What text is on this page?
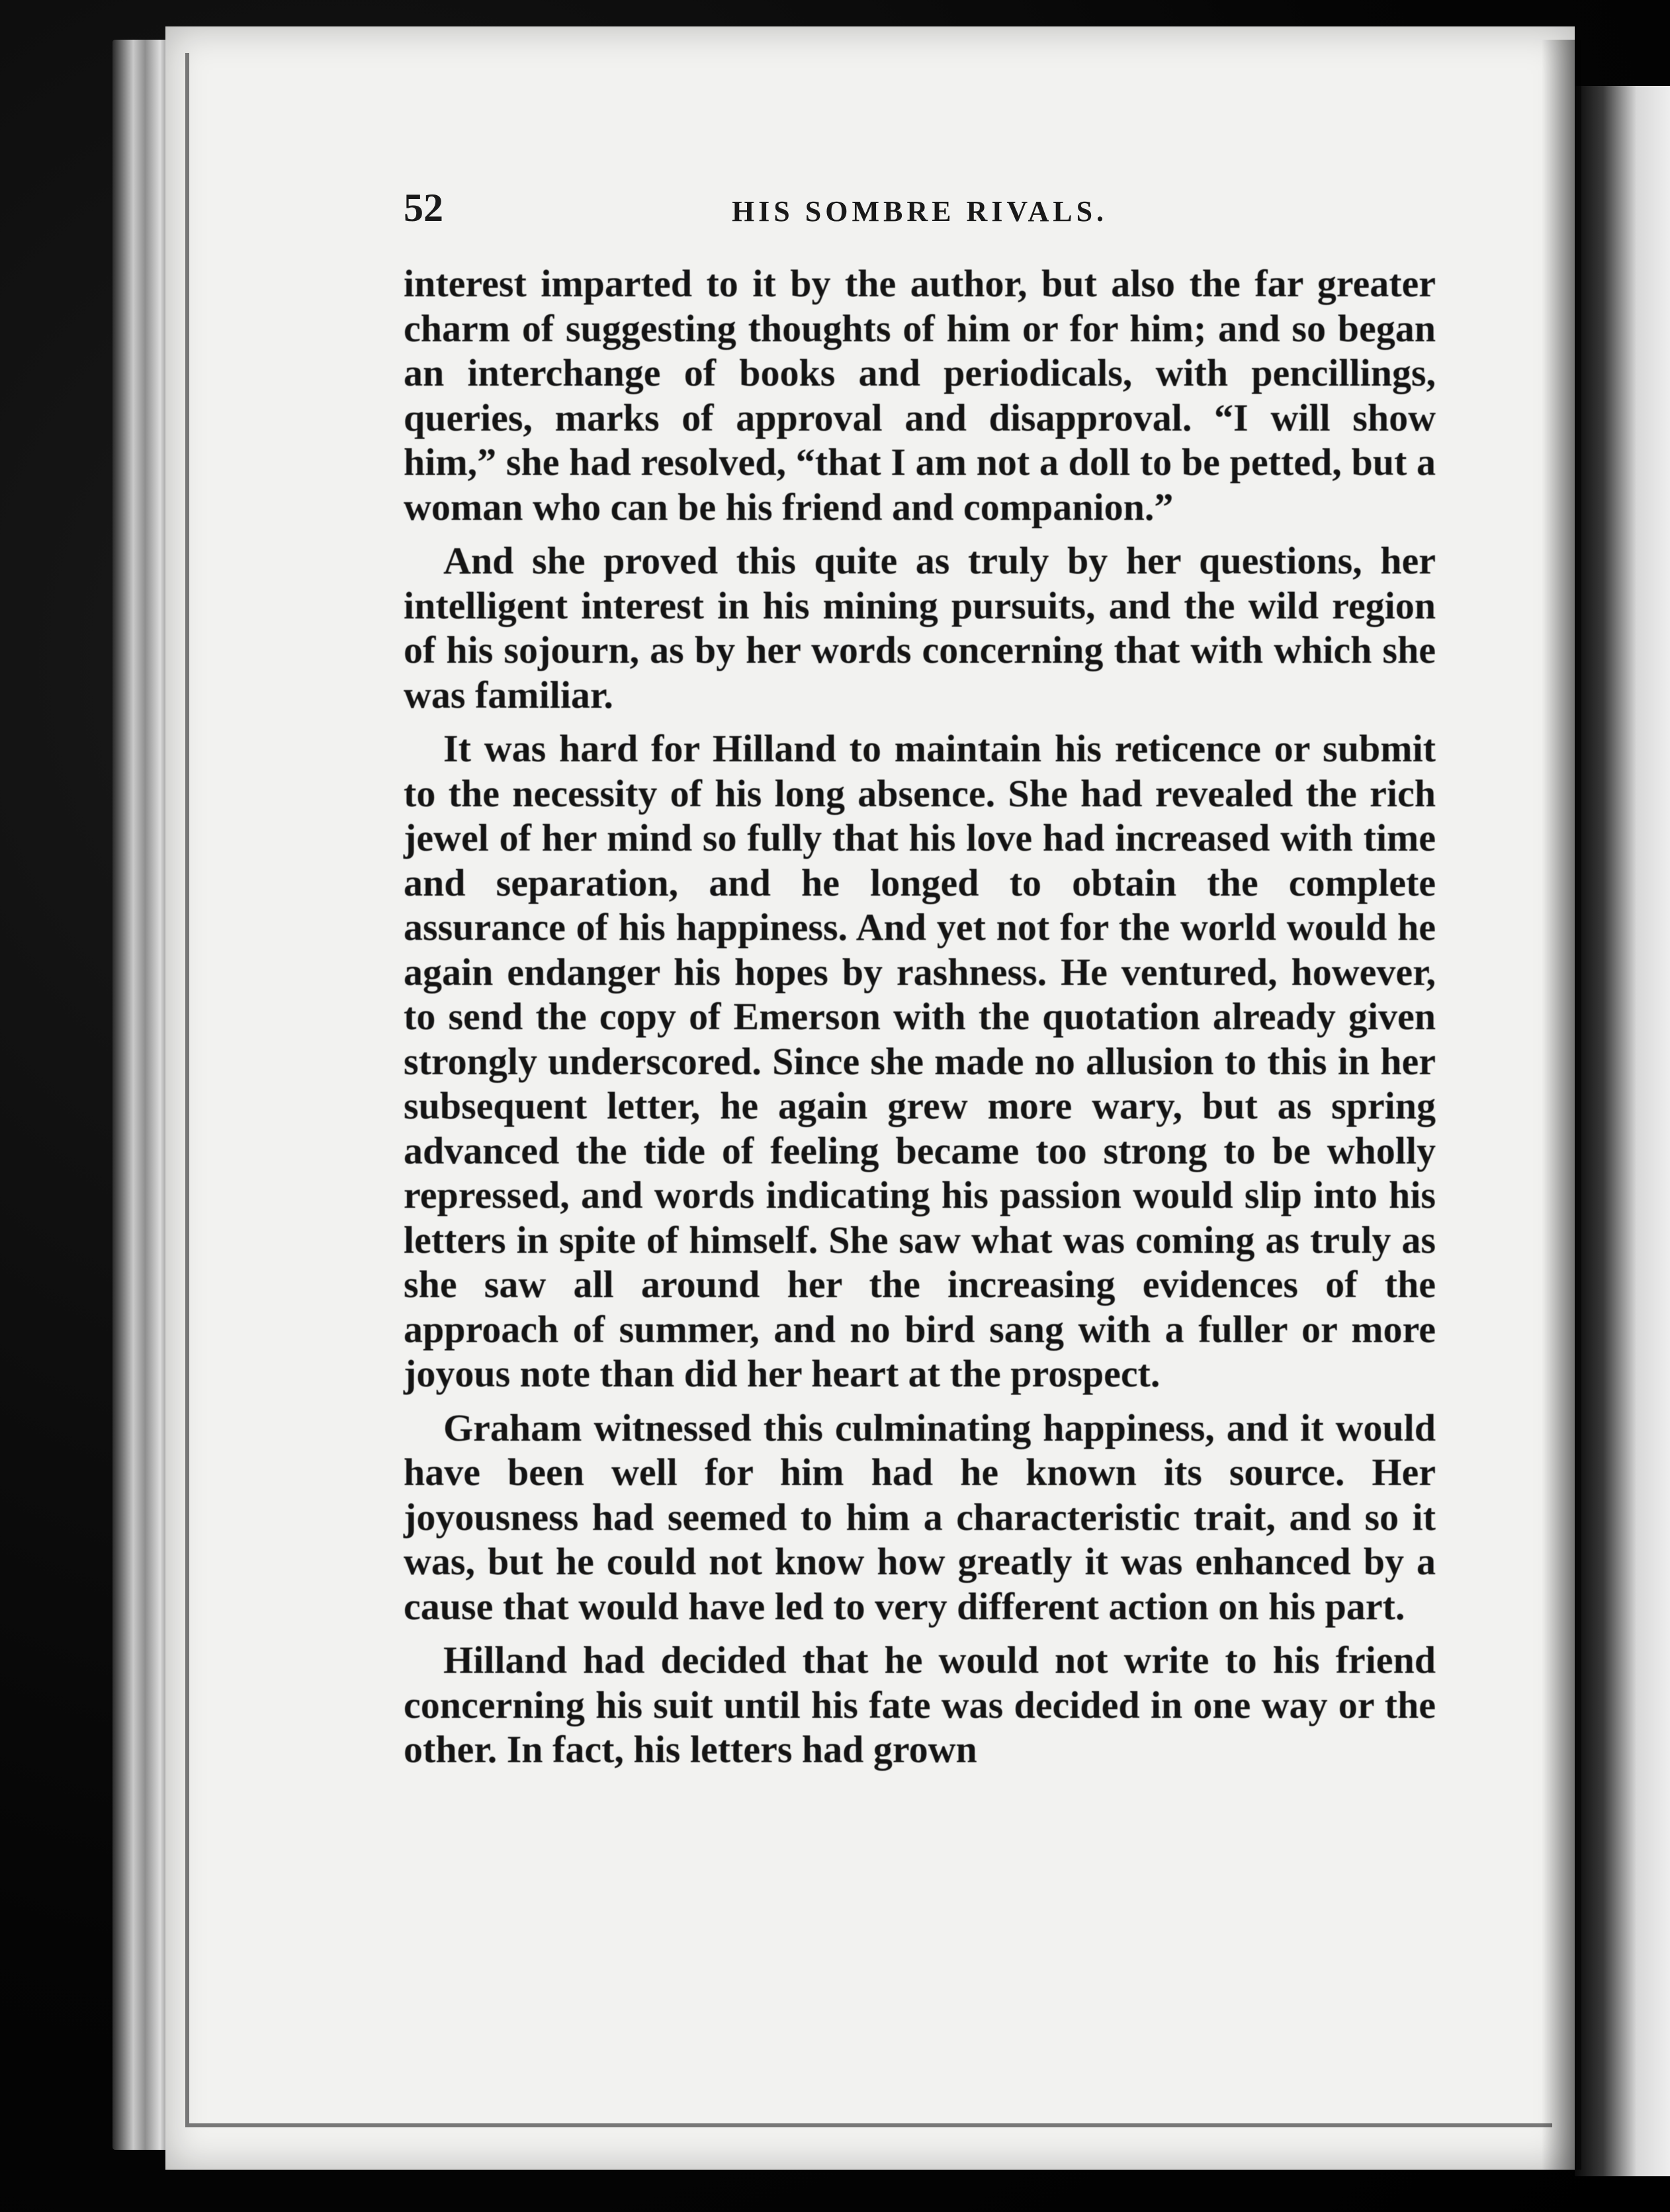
52	HIS SOMBRE RIVALS.

interest imparted to it by the author, but also the far greater charm of suggesting thoughts of him or for him; and so began an interchange of books and periodicals, with pencillings, queries, marks of approval and disapproval. “I will show him,” she had resolved, “that I am not a doll to be petted, but a woman who can be his friend and companion.”

And she proved this quite as truly by her questions, her intelligent interest in his mining pursuits, and the wild region of his sojourn, as by her words concerning that with which she was familiar.

It was hard for Hilland to maintain his reticence or submit to the necessity of his long absence. She had revealed the rich jewel of her mind so fully that his love had increased with time and separation, and he longed to obtain the complete assurance of his happiness. And yet not for the world would he again endanger his hopes by rashness. He ventured, however, to send the copy of Emerson with the quotation already given strongly underscored. Since she made no allusion to this in her subsequent letter, he again grew more wary, but as spring advanced the tide of feeling became too strong to be wholly repressed, and words indicating his passion would slip into his letters in spite of himself. She saw what was coming as truly as she saw all around her the increasing evidences of the approach of summer, and no bird sang with a fuller or more joyous note than did her heart at the prospect.

Graham witnessed this culminating happiness, and it would have been well for him had he known its source. Her joyousness had seemed to him a characteristic trait, and so it was, but he could not know how greatly it was enhanced by a cause that would have led to very different action on his part.

Hilland had decided that he would not write to his friend concerning his suit until his fate was decided in one way or the other. In fact, his letters had grown
